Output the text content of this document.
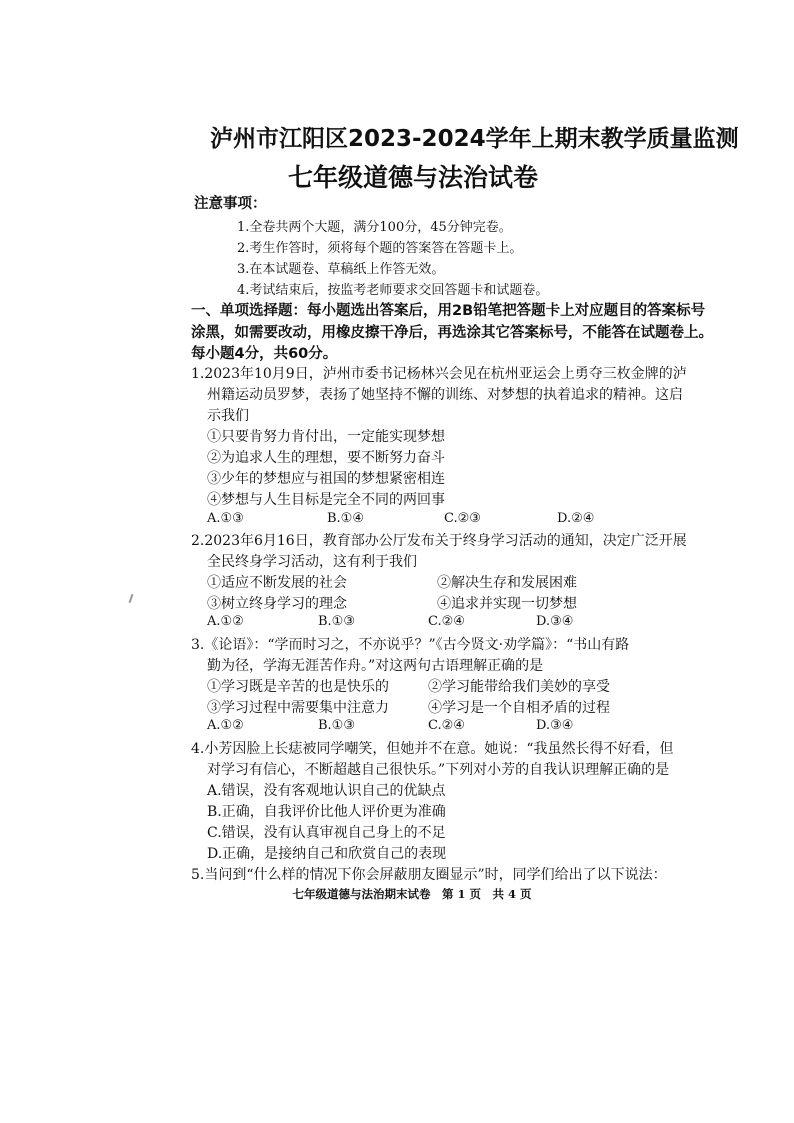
泸州市江阳区2023-2024学年上期末教学质量监测
七年级道德与法治试卷
注意事项：
1.全卷共两个大题，满分100分，45分钟完卷。
2.考生作答时，须将每个题的答案答在答题卡上。
3.在本试题卷、草稿纸上作答无效。
4.考试结束后，按监考老师要求交回答题卡和试题卷。
一、单项选择题：每小题选出答案后，用2B铅笔把答题卡上对应题目的答案标号
涂黑，如需要改动，用橡皮擦干净后，再选涂其它答案标号，不能答在试题卷上。
每小题4分，共60分。
1.2023年10月9日，泸州市委书记杨林兴会见在杭州亚运会上勇夺三枚金牌的泸
州籍运动员罗梦，表扬了她坚持不懈的训练、对梦想的执着追求的精神。这启
示我们
①只要肯努力肯付出，一定能实现梦想
②为追求人生的理想，要不断努力奋斗
③少年的梦想应与祖国的梦想紧密相连
④梦想与人生目标是完全不同的两回事
A.①③	B.①④	C.②③	D.②④
2.2023年6月16日，教育部办公厅发布关于终身学习活动的通知，决定广泛开展
全民终身学习活动，这有利于我们
①适应不断发展的社会	②解决生存和发展困难
③树立终身学习的理念	④追求并实现一切梦想
A.①②	B.①③	C.②④	D.③④
3.《论语》：“学而时习之，不亦说乎？”《古今贤文·劝学篇》：“书山有路
勤为径，学海无涯苦作舟。”对这两句古语理解正确的是
①学习既是辛苦的也是快乐的	②学习能带给我们美妙的享受
③学习过程中需要集中注意力	④学习是一个自相矛盾的过程
A.①②	B.①③	C.②④	D.③④
4.小芳因脸上长痣被同学嘲笑，但她并不在意。她说：“我虽然长得不好看，但
对学习有信心，不断超越自己很快乐。”下列对小芳的自我认识理解正确的是
A.错误，没有客观地认识自己的优缺点
B.正确，自我评价比他人评价更为准确
C.错误，没有认真审视自己身上的不足
D.正确，是接纳自己和欣赏自己的表现
5.当问到“什么样的情况下你会屏蔽朋友圈显示”时，同学们给出了以下说法：
七年级道德与法治期末试卷　第 1 页　共 4 页
